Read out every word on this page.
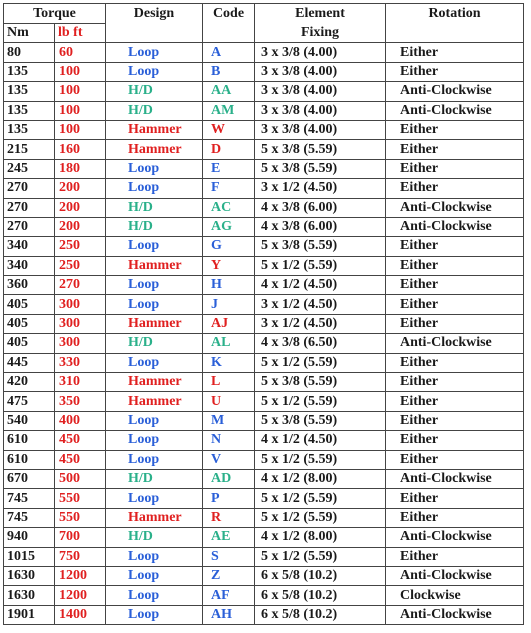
Torque		Design	Code	Element	Rotation
Nm	lb ft			Fixing	
80	60	Loop	A	3 x 3/8 (4.00)	Either
135	100	Loop	B	3 x 3/8 (4.00)	Either
135	100	H/D	AA	3 x 3/8 (4.00)	Anti-Clockwise
135	100	H/D	AM	3 x 3/8 (4.00)	Anti-Clockwise
135	100	Hammer	W	3 x 3/8 (4.00)	Either
215	160	Hammer	D	5 x 3/8 (5.59)	Either
245	180	Loop	E	5 x 3/8 (5.59)	Either
270	200	Loop	F	3 x 1/2 (4.50)	Either
270	200	H/D	AC	4 x 3/8 (6.00)	Anti-Clockwise
270	200	H/D	AG	4 x 3/8 (6.00)	Anti-Clockwise
340	250	Loop	G	5 x 3/8 (5.59)	Either
340	250	Hammer	Y	5 x 1/2 (5.59)	Either
360	270	Loop	H	4 x 1/2 (4.50)	Either
405	300	Loop	J	3 x 1/2 (4.50)	Either
405	300	Hammer	AJ	3 x 1/2 (4.50)	Either
405	300	H/D	AL	4 x 3/8 (6.50)	Anti-Clockwise
445	330	Loop	K	5 x 1/2 (5.59)	Either
420	310	Hammer	L	5 x 3/8 (5.59)	Either
475	350	Hammer	U	5 x 1/2 (5.59)	Either
540	400	Loop	M	5 x 3/8 (5.59)	Either
610	450	Loop	N	4 x 1/2 (4.50)	Either
610	450	Loop	V	5 x 1/2 (5.59)	Either
670	500	H/D	AD	4 x 1/2 (8.00)	Anti-Clockwise
745	550	Loop	P	5 x 1/2 (5.59)	Either
745	550	Hammer	R	5 x 1/2 (5.59)	Either
940	700	H/D	AE	4 x 1/2 (8.00)	Anti-Clockwise
1015	750	Loop	S	5 x 1/2 (5.59)	Either
1630	1200	Loop	Z	6 x 5/8 (10.2)	Anti-Clockwise
1630	1200	Loop	AF	6 x 5/8 (10.2)	Clockwise
1901	1400	Loop	AH	6 x 5/8 (10.2)	Anti-Clockwise
